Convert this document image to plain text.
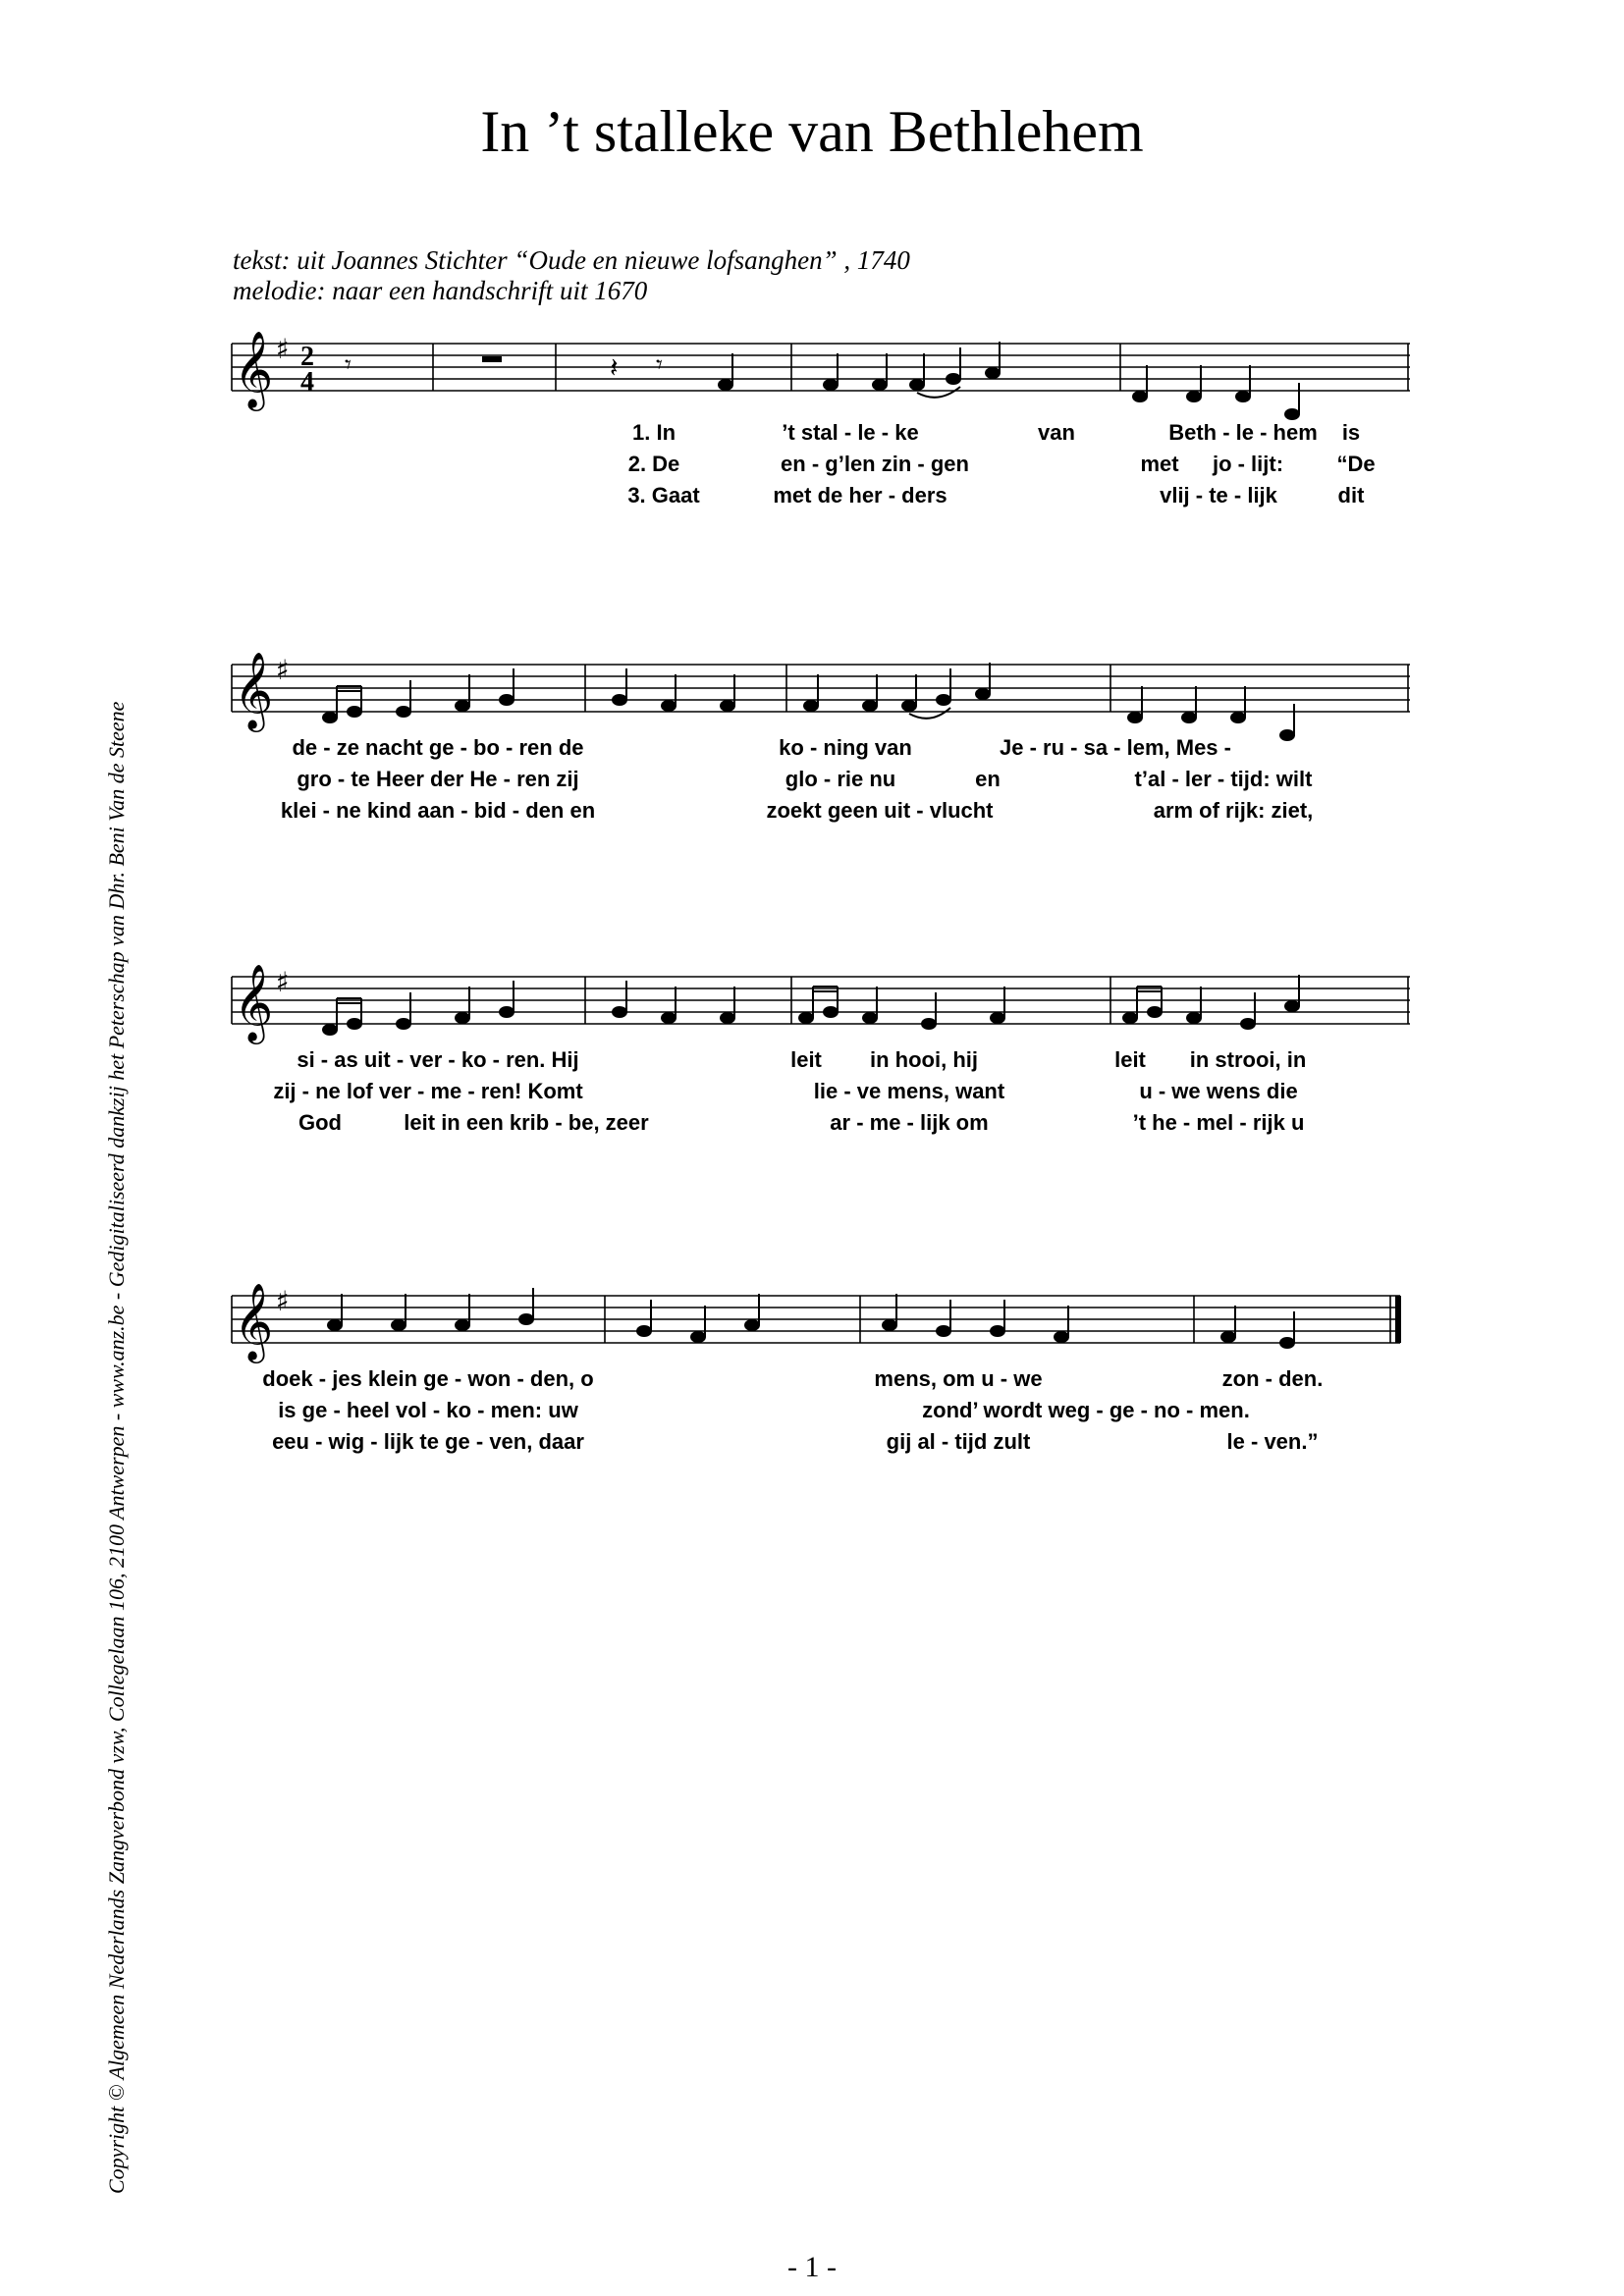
In ’t stalleke van Bethlehem
tekst: uit Joannes Stichter “Oude en nieuwe lofsanghen” , 1740
melodie: naar een handschrift uit 1670
Copyright © Algemeen Nederlands Zangverbond vzw, Collegelaan 106, 2100 Antwerpen - www.anz.be - Gedigitaliseerd dankzij het Peterschap van Dhr. Beni Van de Steene
𝄞 ♯ 2
4
𝄾	𝄽 𝄾
1. In	’t stal - le - ke	van	Beth - le - hem is
2. De	en - g’len zin - gen	met jo - lijt: “De
3. Gaat	met de her - ders	vlij - te - lijk	dit
𝄞 ♯
de - ze nacht ge - bo - ren de	ko - ning van	Je - ru - sa - lem, Mes -
gro - te Heer der He - ren zij	glo - rie nu	en	t’al - ler - tijd: wilt
klei - ne kind aan - bid - den en	zoekt geen uit - vlucht	arm of rijk: ziet,
𝄞 ♯
si - as uit - ver - ko - ren. Hij	leit in hooi, hij	leit in strooi, in
zij - ne lof ver - me - ren! Komt	lie - ve mens, want	u - we wens die
God	leit in een krib - be, zeer	ar - me - lijk om	’t he - mel - rijk u
𝄞 ♯
doek - jes klein ge - won - den, o	mens, om u - we	zon - den.
is ge - heel vol - ko - men: uw	zond’ wordt weg - ge - no - men.
eeu - wig - lijk te ge - ven, daar	gij al - tijd zult	le - ven.”
- 1 -
